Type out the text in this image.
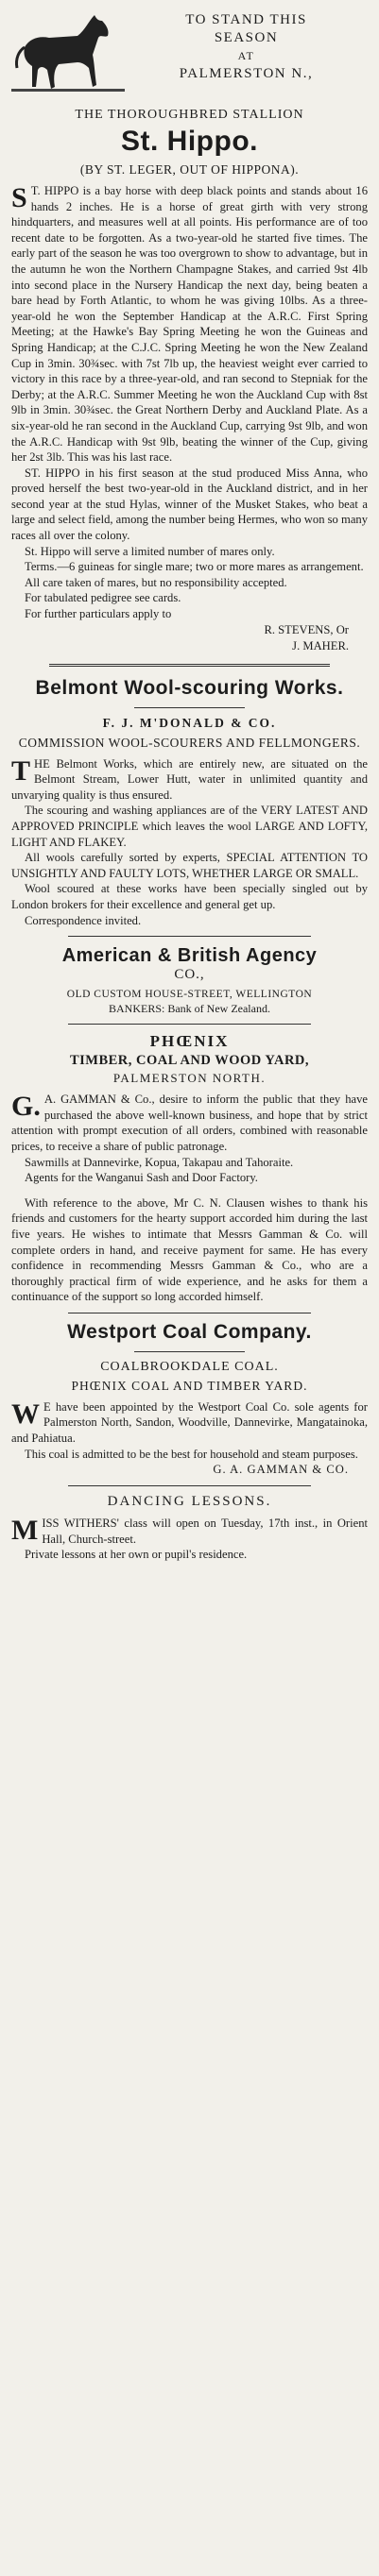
TO STAND THIS

SEASON

AT

PALMERSTON N.,

THE THOROUGHBRED STALLION

St. Hippo.

(BY ST. LEGER, OUT OF HIPPONA).

ST. HIPPO is a bay horse with deep black points and stands about 16 hands 2 inches. He is a horse of great girth with very strong hindquarters, and measures well at all points. His performance are of too recent date to be forgotten. As a two-year-old he started five times. The early part of the season he was too overgrown to show to advantage, but in the autumn he won the Northern Champagne Stakes, and carried 9st 4lb into second place in the Nursery Handicap the next day, being beaten a bare head by Forth Atlantic, to whom he was giving 10lbs. As a three-year-old he won the September Handicap at the A.R.C. First Spring Meeting; at the Hawke's Bay Spring Meeting he won the Guineas and Spring Handicap; at the C.J.C. Spring Meeting he won the New Zealand Cup in 3min. 30¾sec. with 7st 7lb up, the heaviest weight ever carried to victory in this race by a three-year-old, and ran second to Stepniak for the Derby; at the A.R.C. Summer Meeting he won the Auckland Cup with 8st 9lb in 3min. 30¾sec. the Great Northern Derby and Auckland Plate. As a six-year-old he ran second in the Auckland Cup, carrying 9st 9lb, and won the A.R.C. Handicap with 9st 9lb, beating the winner of the Cup, giving her 2st 3lb. This was his last race.

ST. HIPPO in his first season at the stud produced Miss Anna, who proved herself the best two-year-old in the Auckland district, and in her second year at the stud Hylas, winner of the Musket Stakes, who beat a large and select field, among the number being Hermes, who won so many races all over the colony.

St. Hippo will serve a limited number of mares only.

Terms.—6 guineas for single mare; two or more mares as arrangement.

All care taken of mares, but no responsibility accepted.

For tabulated pedigree see cards.

For further particulars apply to

R. STEVENS, Or

J. MAHER.

Belmont Wool-scouring Works.

F. J. M'DONALD & CO.

COMMISSION WOOL-SCOURERS AND FELLMONGERS.

THE Belmont Works, which are entirely new, are situated on the Belmont Stream, Lower Hutt, water in unlimited quantity and unvarying quality is thus ensured.

The scouring and washing appliances are of the VERY LATEST AND APPROVED PRINCIPLE which leaves the wool LARGE AND LOFTY, LIGHT AND FLAKEY.

All wools carefully sorted by experts, SPECIAL ATTENTION TO UNSIGHTLY AND FAULTY LOTS, WHETHER LARGE OR SMALL.

Wool scoured at these works have been specially singled out by London brokers for their excellence and general get up.

Correspondence invited.

American & British Agency

CO.,

OLD CUSTOM HOUSE-STREET, WELLINGTON

BANKERS: Bank of New Zealand.

PHŒNIX

TIMBER, COAL AND WOOD YARD,

PALMERSTON NORTH.

G.A. GAMMAN & Co., desire to inform the public that they have purchased the above well-known business, and hope that by strict attention with prompt execution of all orders, combined with reasonable prices, to receive a share of public patronage.

Sawmills at Dannevirke, Kopua, Takapau and Tahoraite.

Agents for the Wanganui Sash and Door Factory.

With reference to the above, Mr C. N. Clausen wishes to thank his friends and customers for the hearty support accorded him during the last five years. He wishes to intimate that Messrs Gamman & Co. will complete orders in hand, and receive payment for same. He has every confidence in recommending Messrs Gamman & Co., who are a thoroughly practical firm of wide experience, and he asks for them a continuance of the support so long accorded himself.

Westport Coal Company.

COALBROOKDALE COAL.

PHŒNIX COAL AND TIMBER YARD.

WE have been appointed by the Westport Coal Co. sole agents for Palmerston North, Sandon, Woodville, Dannevirke, Mangatainoka, and Pahiatua.

This coal is admitted to be the best for household and steam purposes.

G. A. GAMMAN & CO.

DANCING LESSONS.

MISS WITHERS' class will open on Tuesday, 17th inst., in Orient Hall, Church-street.

Private lessons at her own or pupil's residence.
